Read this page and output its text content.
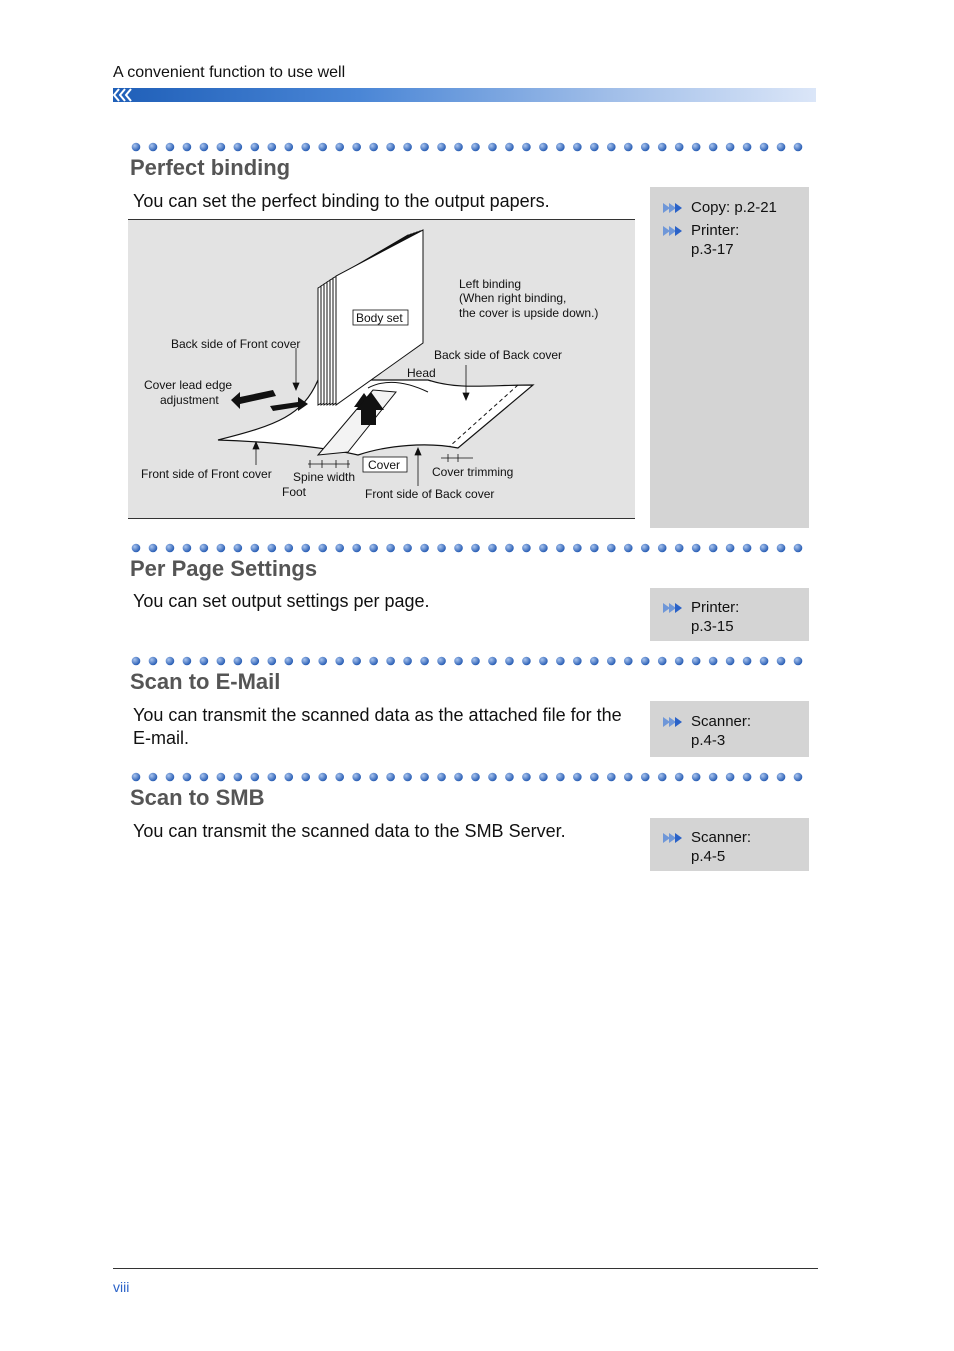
A convenient function to use well
Perfect binding
You can set the perfect binding to the output papers.	Copy: p.2-21
Printer:
p.3-17
Body set
Left binding
(When right binding,
the cover is upside down.)
Back side of Front cover
Back side of Back cover
Head
Cover lead edge
adjustment
Front side of Front cover Spine width
Foot
Cover	Cover trimming
Front side of Back cover
Per Page Settings
You can set output settings per page.	Printer:
p.3-15
Scan to E-Mail
You can transmit the scanned data as the attached file for the E-mail.
Scanner:
p.4-3
Scan to SMB
You can transmit the scanned data to the SMB Server.	Scanner:
p.4-5
viii
